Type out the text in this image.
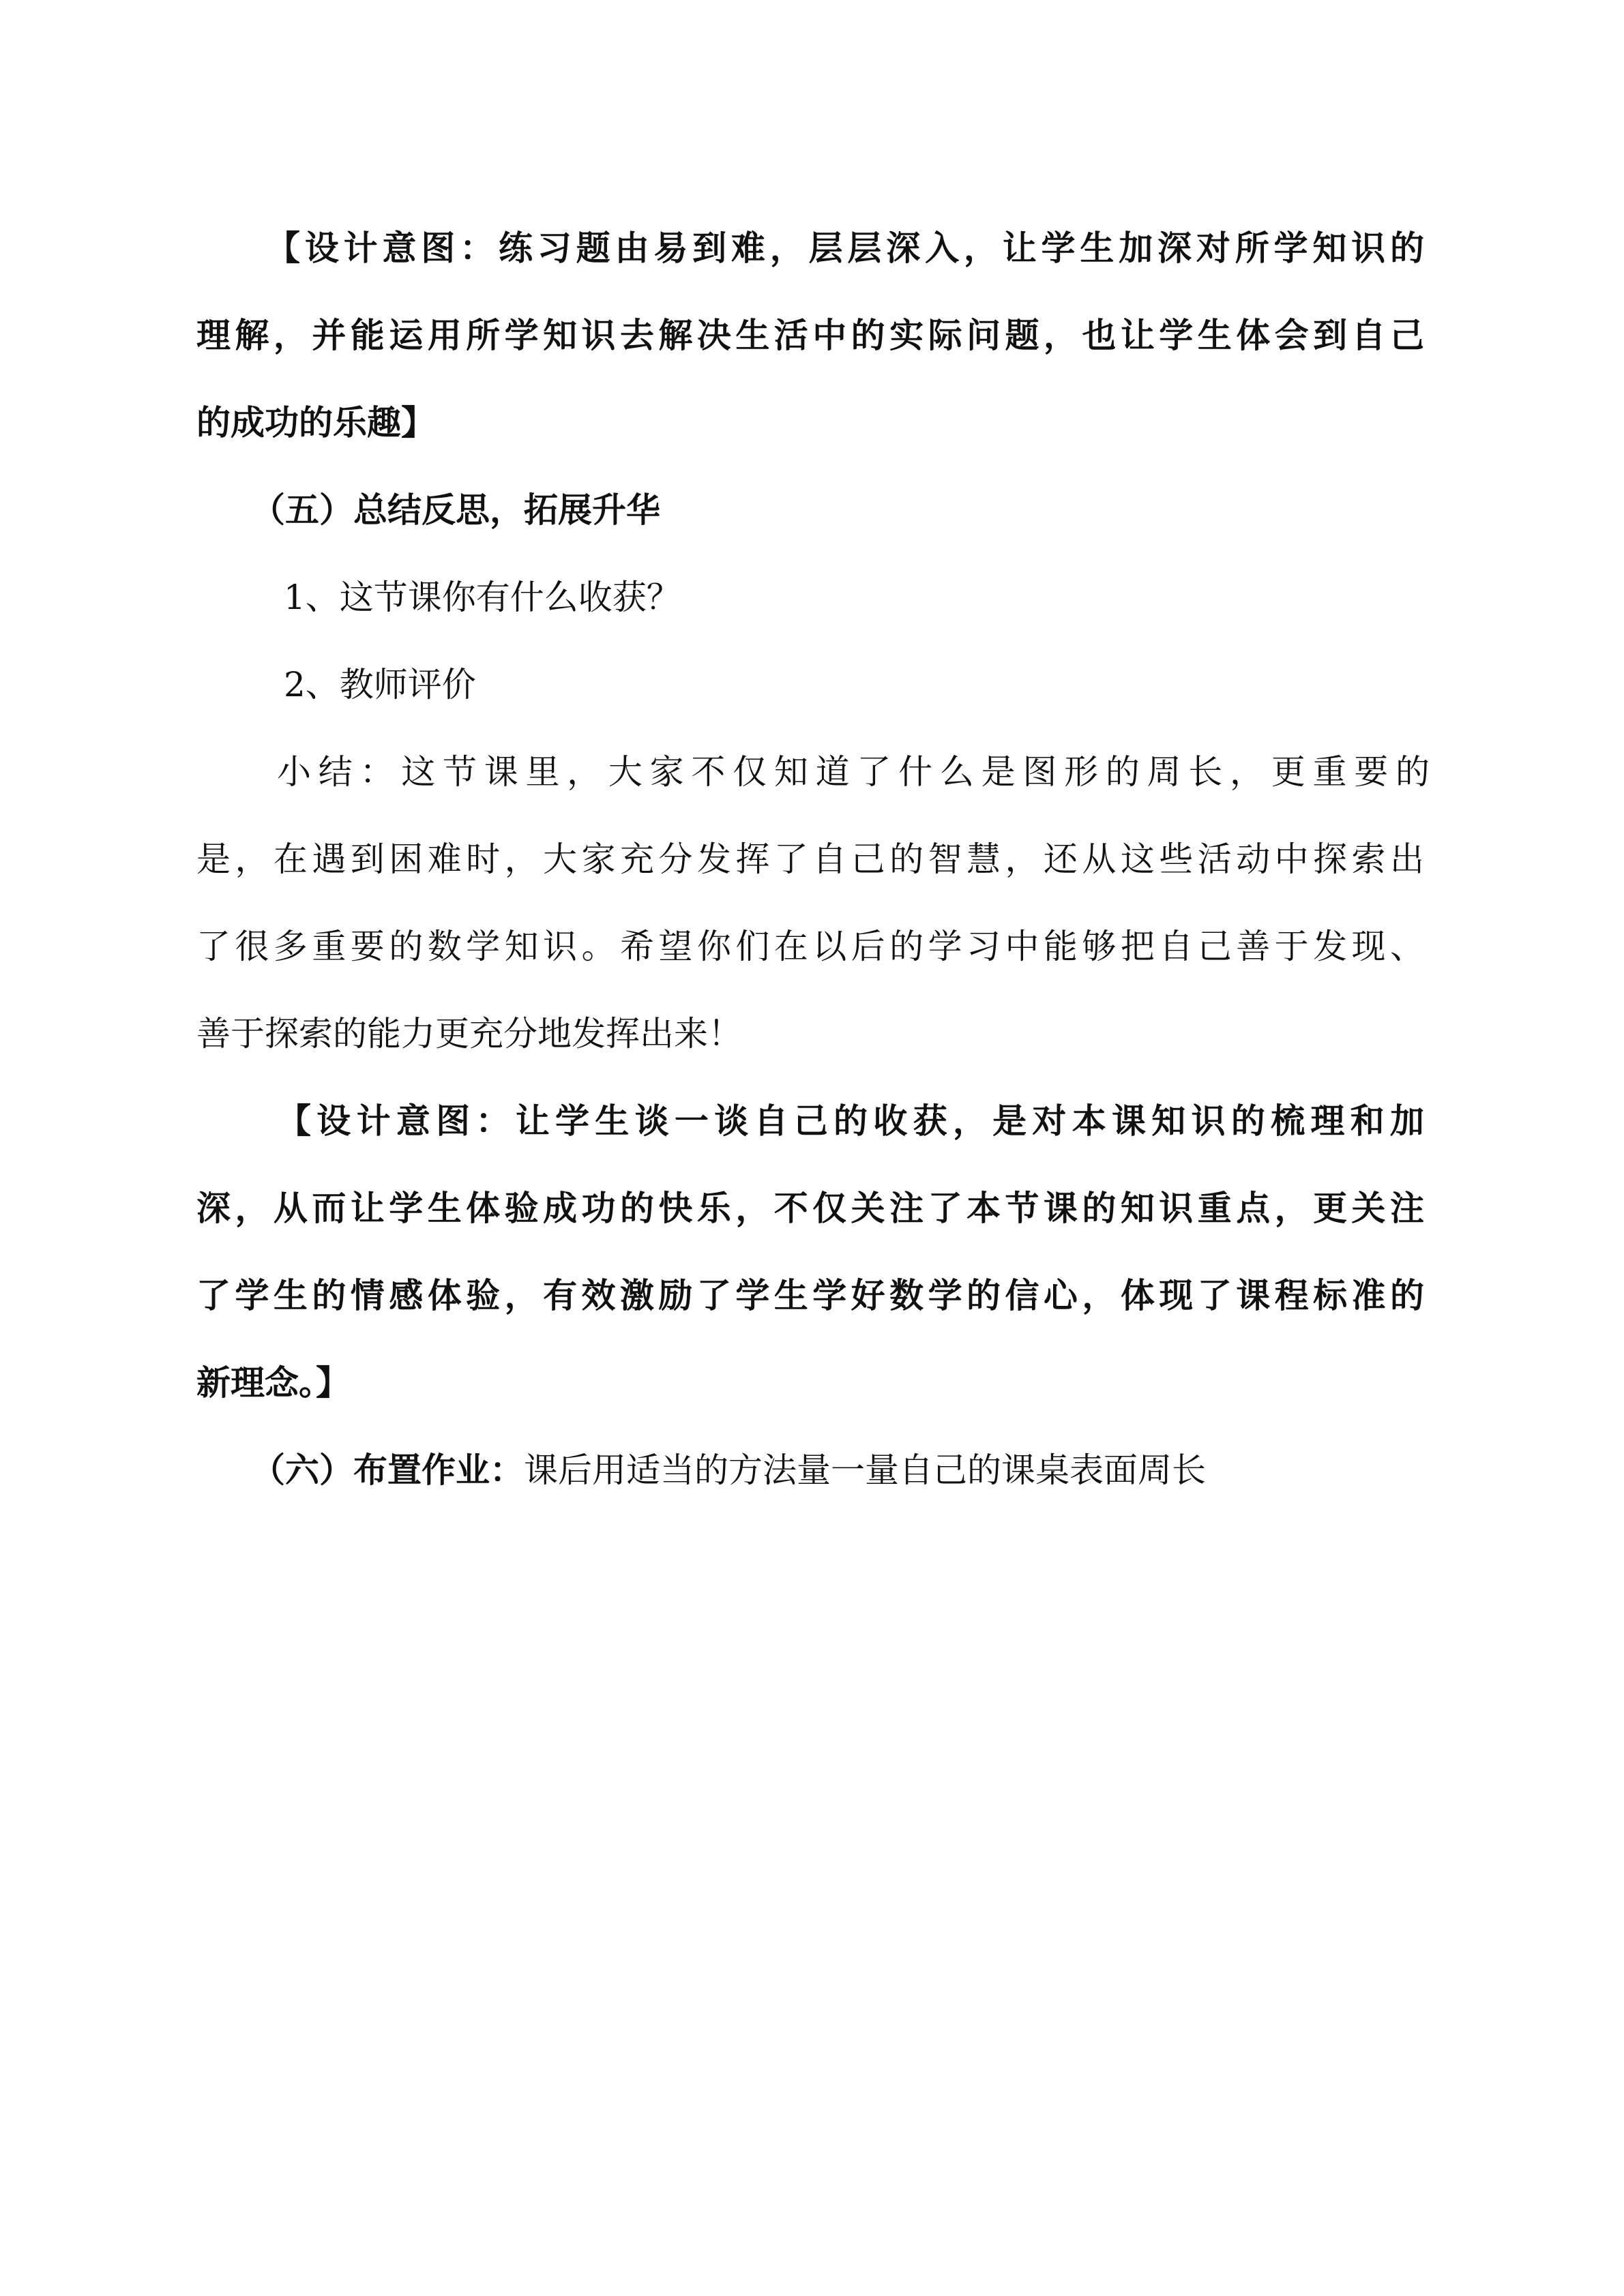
【设计意图：练习题由易到难，层层深入，让学生加深对所学知识的
理解，并能运用所学知识去解决生活中的实际问题，也让学生体会到自己
的成功的乐趣】
（五）总结反思，拓展升华
1、这节课你有什么收获？
2、教师评价
小结：这节课里，大家不仅知道了什么是图形的周长，更重要的
是，在遇到困难时，大家充分发挥了自己的智慧，还从这些活动中探索出
了很多重要的数学知识。希望你们在以后的学习中能够把自己善于发现、
善于探索的能力更充分地发挥出来！
【设计意图：让学生谈一谈自己的收获，是对本课知识的梳理和加
深，从而让学生体验成功的快乐，不仅关注了本节课的知识重点，更关注
了学生的情感体验，有效激励了学生学好数学的信心，体现了课程标准的
新理念。】
（六）布置作业：课后用适当的方法量一量自己的课桌表面周长
